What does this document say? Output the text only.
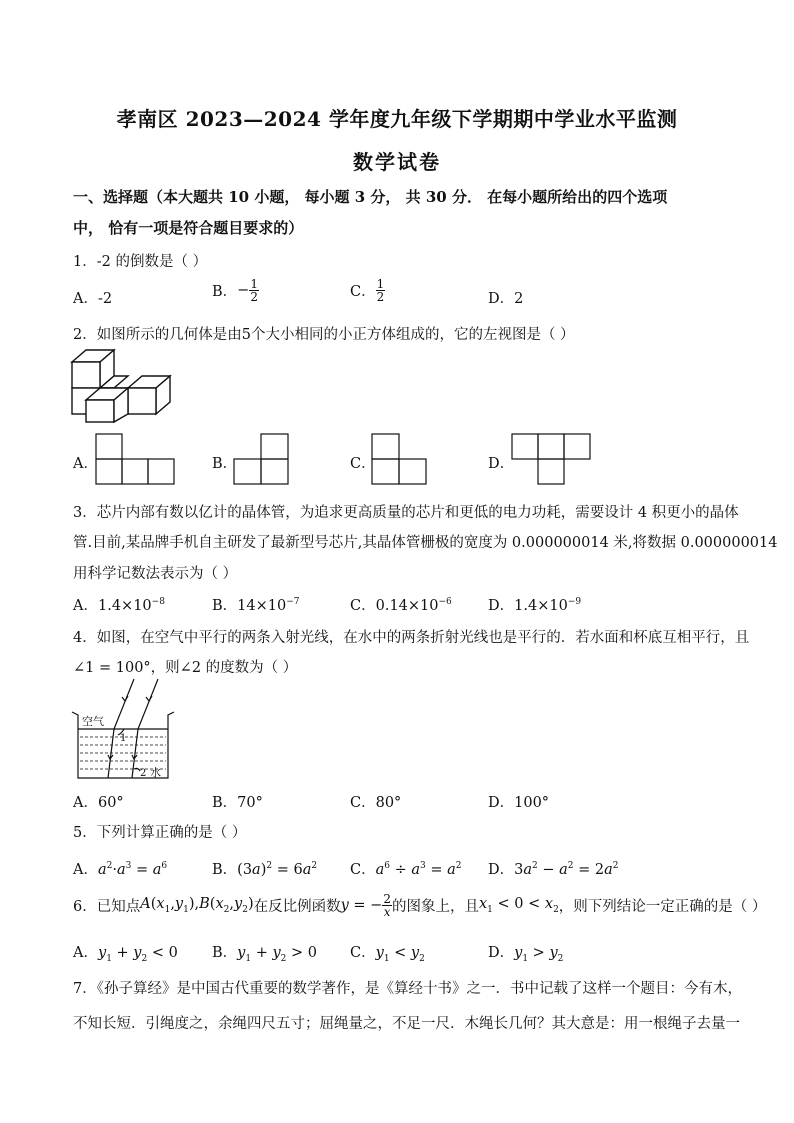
孝南区 2023—2024 学年度九年级下学期期中学业水平监测
数学试卷
一、选择题（本大题共 10 小题， 每小题 3 分， 共 30 分． 在每小题所给出的四个选项
中， 恰有一项是符合题目要求的）
1．-2 的倒数是（ ）
A．-2	B．− $\frac{1}{2}$	C． $\frac{1}{2}$	D．2
2．如图所示的几何体是由5个大小相同的小正方体组成的，它的左视图是（ ）
A．	B．	C．	D．
3．芯片内部有数以亿计的晶体管，为追求更高质量的芯片和更低的电力功耗，需要设计 4 积更小的晶体
管.目前,某品牌手机自主研发了最新型号芯片,其晶体管栅极的宽度为 0.000000014 米,将数据 0.000000014
用科学记数法表示为（ ）
A．$1.4\times 10^{-8}$	B．$14\times 10^{-7}$	C．$0.14\times 10^{-6}$ D．$1.4\times 10^{-9}$
4．如图，在空气中平行的两条入射光线，在水中的两条折射光线也是平行的．若水面和杯底互相平行，且
∠1 = 100°，则∠2 的度数为（ ）
空气
1
2 水
A．60°	B．70°	C．80°	D．100°
5．下列计算正确的是（ ）
A．$a^2\cdot a^3 = a^6$	B．$(3a)^2 = 6a^2$ C．$a^6 \div a^3 = a^2$ D．$3a^2 - a^2 = 2a^2$
6．已知点$A(x_1,y_1),B(x_2,y_2)$在反比例函数y = − $\frac{2}{x}$ 的图象上，且$x_1 < 0 < x_2$，则下列结论一定正确的是（ ）
A．$y_1 + y_2 < 0$ B．$y_1 + y_2 > 0$ C．$y_1 < y_2$	D．$y_1 > y_2$
7．《孙子算经》是中国古代重要的数学著作，是《算经十书》之一．书中记载了这样一个题目：今有木，
不知长短．引绳度之，余绳四尺五寸；屈绳量之，不足一尺．木绳长几何？其大意是：用一根绳子去量一
